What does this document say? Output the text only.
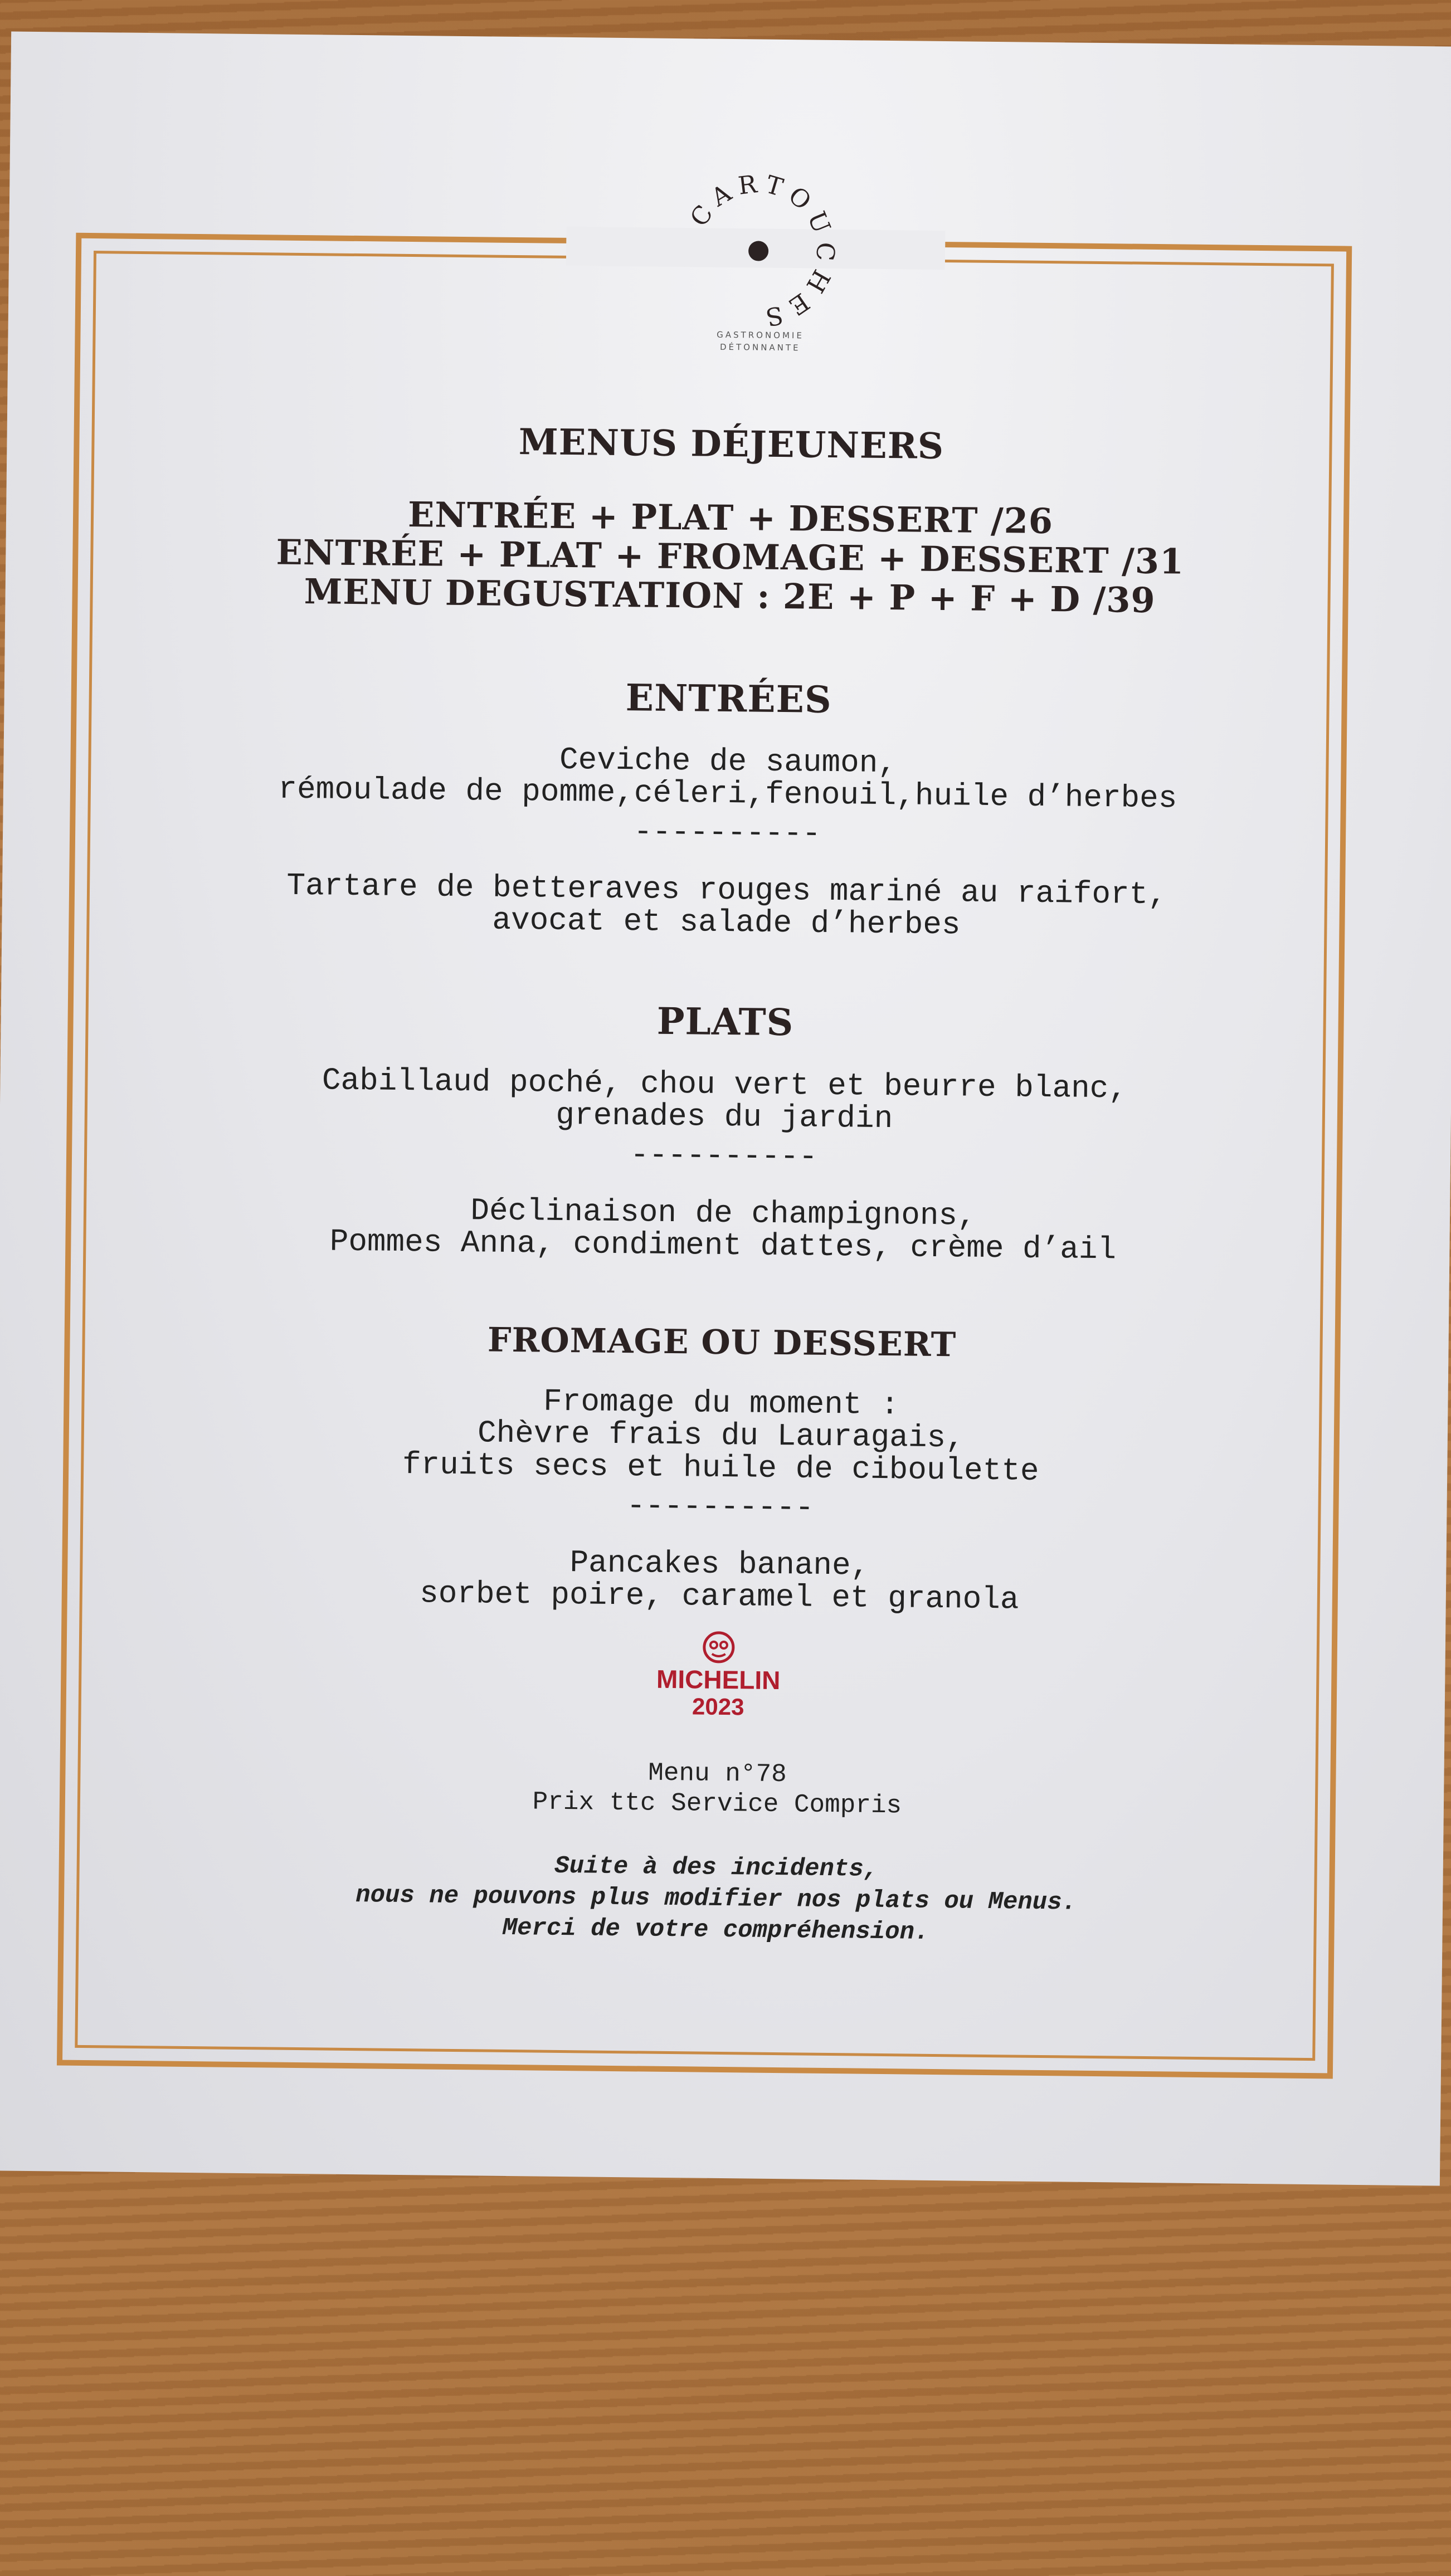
CARTOUCHES
GASTRONOMIE
DÉTONNANTE
MENUS DÉJEUNERS
ENTRÉE + PLAT + DESSERT /26
ENTRÉE + PLAT + FROMAGE + DESSERT /31
MENU DEGUSTATION : 2E + P + F + D /39
ENTRÉES
Ceviche de saumon,
rémoulade de pomme,céleri,fenouil,huile d’herbes
----------
Tartare de betteraves rouges mariné au raifort,
avocat et salade d’herbes
PLATS
Cabillaud poché, chou vert et beurre blanc,
grenades du jardin
----------
Déclinaison de champignons,
Pommes Anna, condiment dattes, crème d’ail
FROMAGE OU DESSERT
Fromage du moment :
Chèvre frais du Lauragais,
fruits secs et huile de ciboulette
----------
Pancakes banane,
sorbet poire, caramel et granola
MICHELIN
2023
Menu n°78
Prix ttc Service Compris
Suite à des incidents,
nous ne pouvons plus modifier nos plats ou Menus.
Merci de votre compréhension.
